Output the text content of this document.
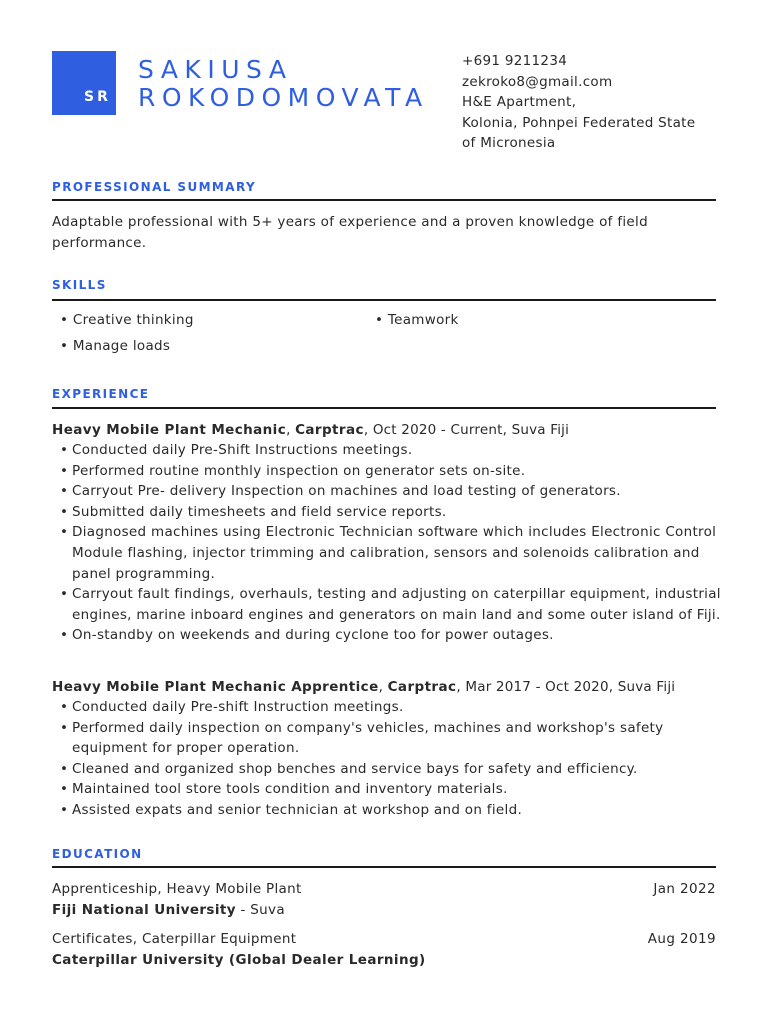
SR
SAKIUSA
ROKODOMOVATA
+691 9211234
zekroko8@gmail.com
H&E Apartment,
Kolonia, Pohnpei Federated State
of Micronesia
PROFESSIONAL SUMMARY
Adaptable professional with 5+ years of experience and a proven knowledge of field performance.
SKILLS
• Creative thinking	• Teamwork
• Manage loads
EXPERIENCE
Heavy Mobile Plant Mechanic, Carptrac, Oct 2020 - Current, Suva Fiji
• Conducted daily Pre-Shift Instructions meetings.
• Performed routine monthly inspection on generator sets on-site.
• Carryout Pre- delivery Inspection on machines and load testing of generators.
• Submitted daily timesheets and field service reports.
• Diagnosed machines using Electronic Technician software which includes Electronic Control Module flashing, injector trimming and calibration, sensors and solenoids calibration and panel programming.
• Carryout fault findings, overhauls, testing and adjusting on caterpillar equipment, industrial engines, marine inboard engines and generators on main land and some outer island of Fiji.
• On-standby on weekends and during cyclone too for power outages.
Heavy Mobile Plant Mechanic Apprentice, Carptrac, Mar 2017 - Oct 2020, Suva Fiji
• Conducted daily Pre-shift Instruction meetings.
• Performed daily inspection on company's vehicles, machines and workshop's safety equipment for proper operation.
• Cleaned and organized shop benches and service bays for safety and efficiency.
• Maintained tool store tools condition and inventory materials.
• Assisted expats and senior technician at workshop and on field.
EDUCATION
Apprenticeship, Heavy Mobile Plant	Jan 2022
Fiji National University - Suva
Certificates, Caterpillar Equipment	Aug 2019
Caterpillar University (Global Dealer Learning)
